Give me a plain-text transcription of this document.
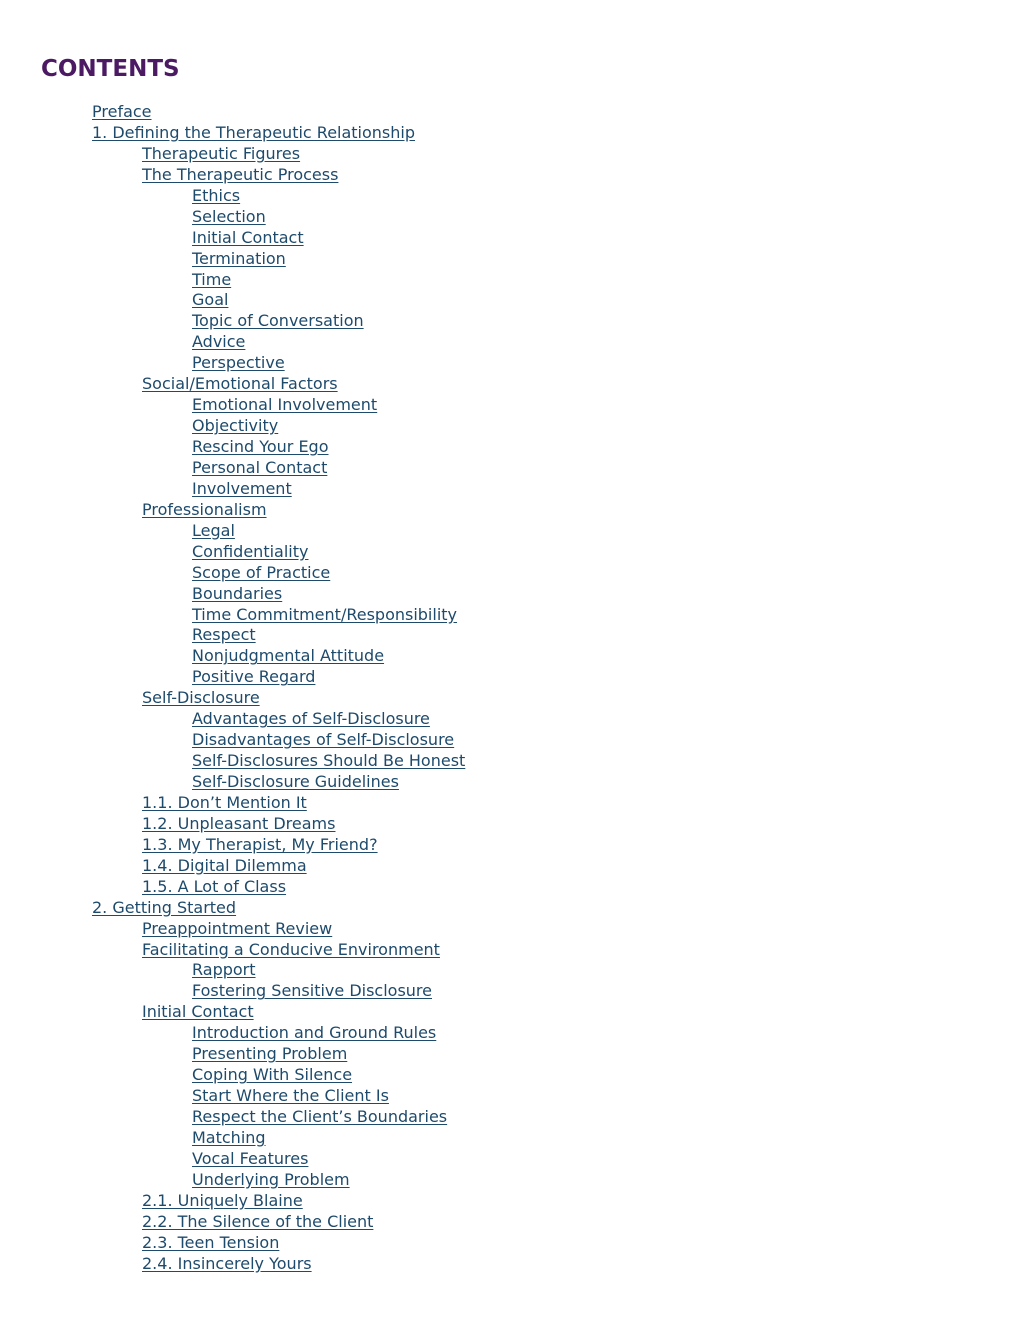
CONTENTS
Preface
1. Defining the Therapeutic Relationship
Therapeutic Figures
The Therapeutic Process
Ethics
Selection
Initial Contact
Termination
Time
Goal
Topic of Conversation
Advice
Perspective
Social/Emotional Factors
Emotional Involvement
Objectivity
Rescind Your Ego
Personal Contact
Involvement
Professionalism
Legal
Confidentiality
Scope of Practice
Boundaries
Time Commitment/Responsibility
Respect
Nonjudgmental Attitude
Positive Regard
Self-Disclosure
Advantages of Self-Disclosure
Disadvantages of Self-Disclosure
Self-Disclosures Should Be Honest
Self-Disclosure Guidelines
1.1. Don’t Mention It
1.2. Unpleasant Dreams
1.3. My Therapist, My Friend?
1.4. Digital Dilemma
1.5. A Lot of Class
2. Getting Started
Preappointment Review
Facilitating a Conducive Environment
Rapport
Fostering Sensitive Disclosure
Initial Contact
Introduction and Ground Rules
Presenting Problem
Coping With Silence
Start Where the Client Is
Respect the Client’s Boundaries
Matching
Vocal Features
Underlying Problem
2.1. Uniquely Blaine
2.2. The Silence of the Client
2.3. Teen Tension
2.4. Insincerely Yours
